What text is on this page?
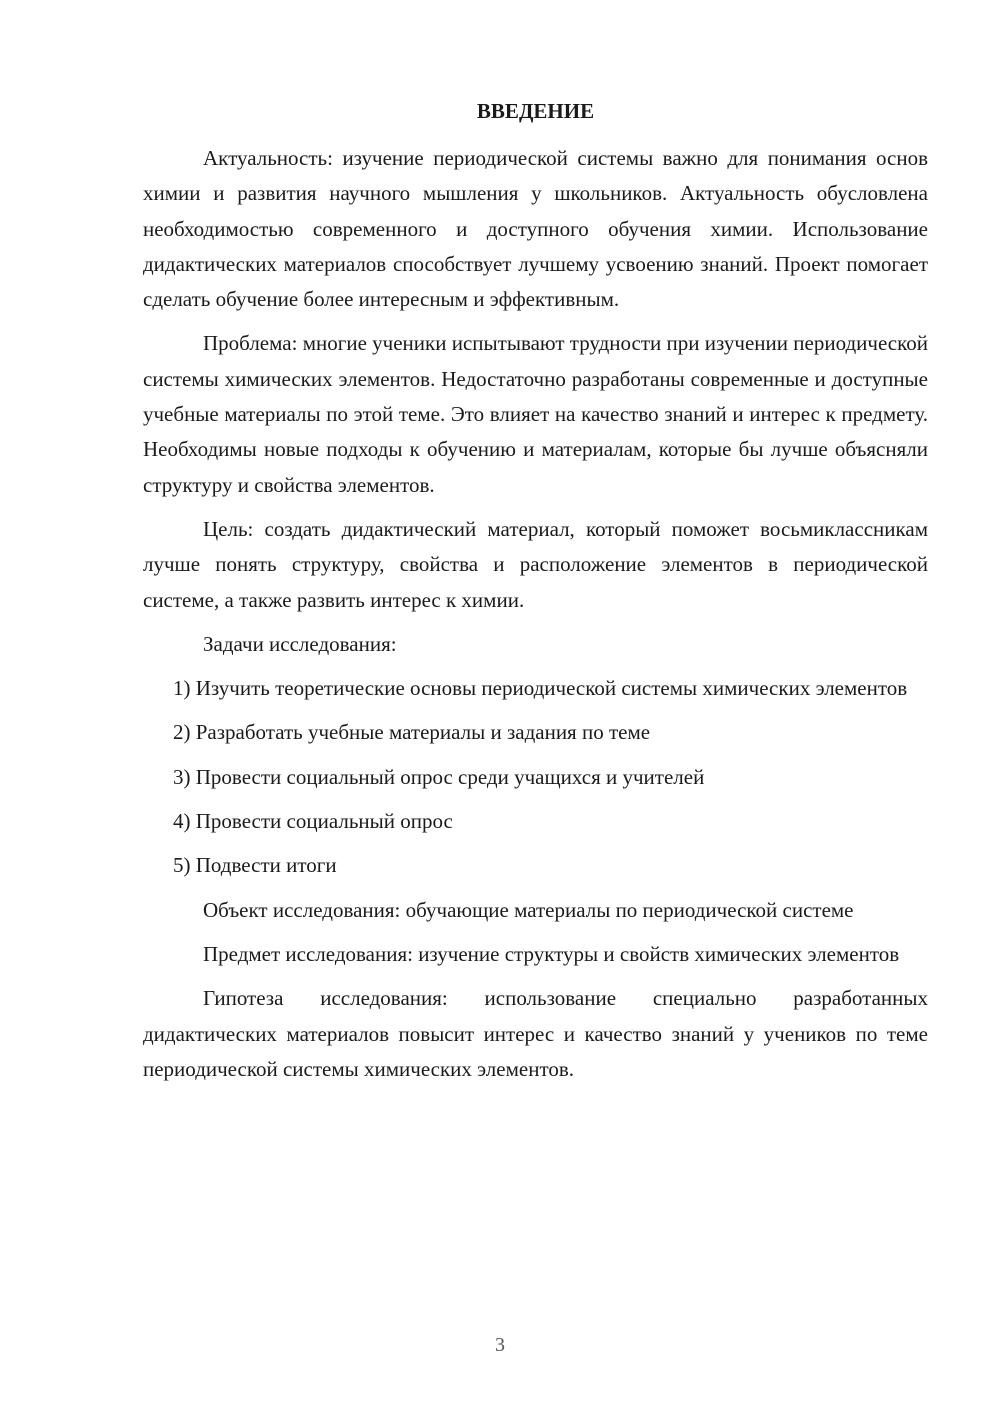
ВВЕДЕНИЕ

Актуальность: изучение периодической системы важно для понимания основ химии и развития научного мышления у школьников. Актуальность обусловлена необходимостью современного и доступного обучения химии. Использование дидактических материалов способствует лучшему усвоению знаний. Проект помогает сделать обучение более интересным и эффективным.

Проблема: многие ученики испытывают трудности при изучении периодической системы химических элементов. Недостаточно разработаны современные и доступные учебные материалы по этой теме. Это влияет на качество знаний и интерес к предмету. Необходимы новые подходы к обучению и материалам, которые бы лучше объясняли структуру и свойства элементов.

Цель: создать дидактический материал, который поможет восьмиклассникам лучше понять структуру, свойства и расположение элементов в периодической системе, а также развить интерес к химии.

Задачи исследования:

1) Изучить теоретические основы периодической системы химических элементов

2) Разработать учебные материалы и задания по теме

3) Провести социальный опрос среди учащихся и учителей

4) Провести социальный опрос

5) Подвести итоги

Объект исследования: обучающие материалы по периодической системе

Предмет исследования: изучение структуры и свойств химических элементов

Гипотеза исследования: использование специально разработанных дидактических материалов повысит интерес и качество знаний у учеников по теме периодической системы химических элементов.

3
